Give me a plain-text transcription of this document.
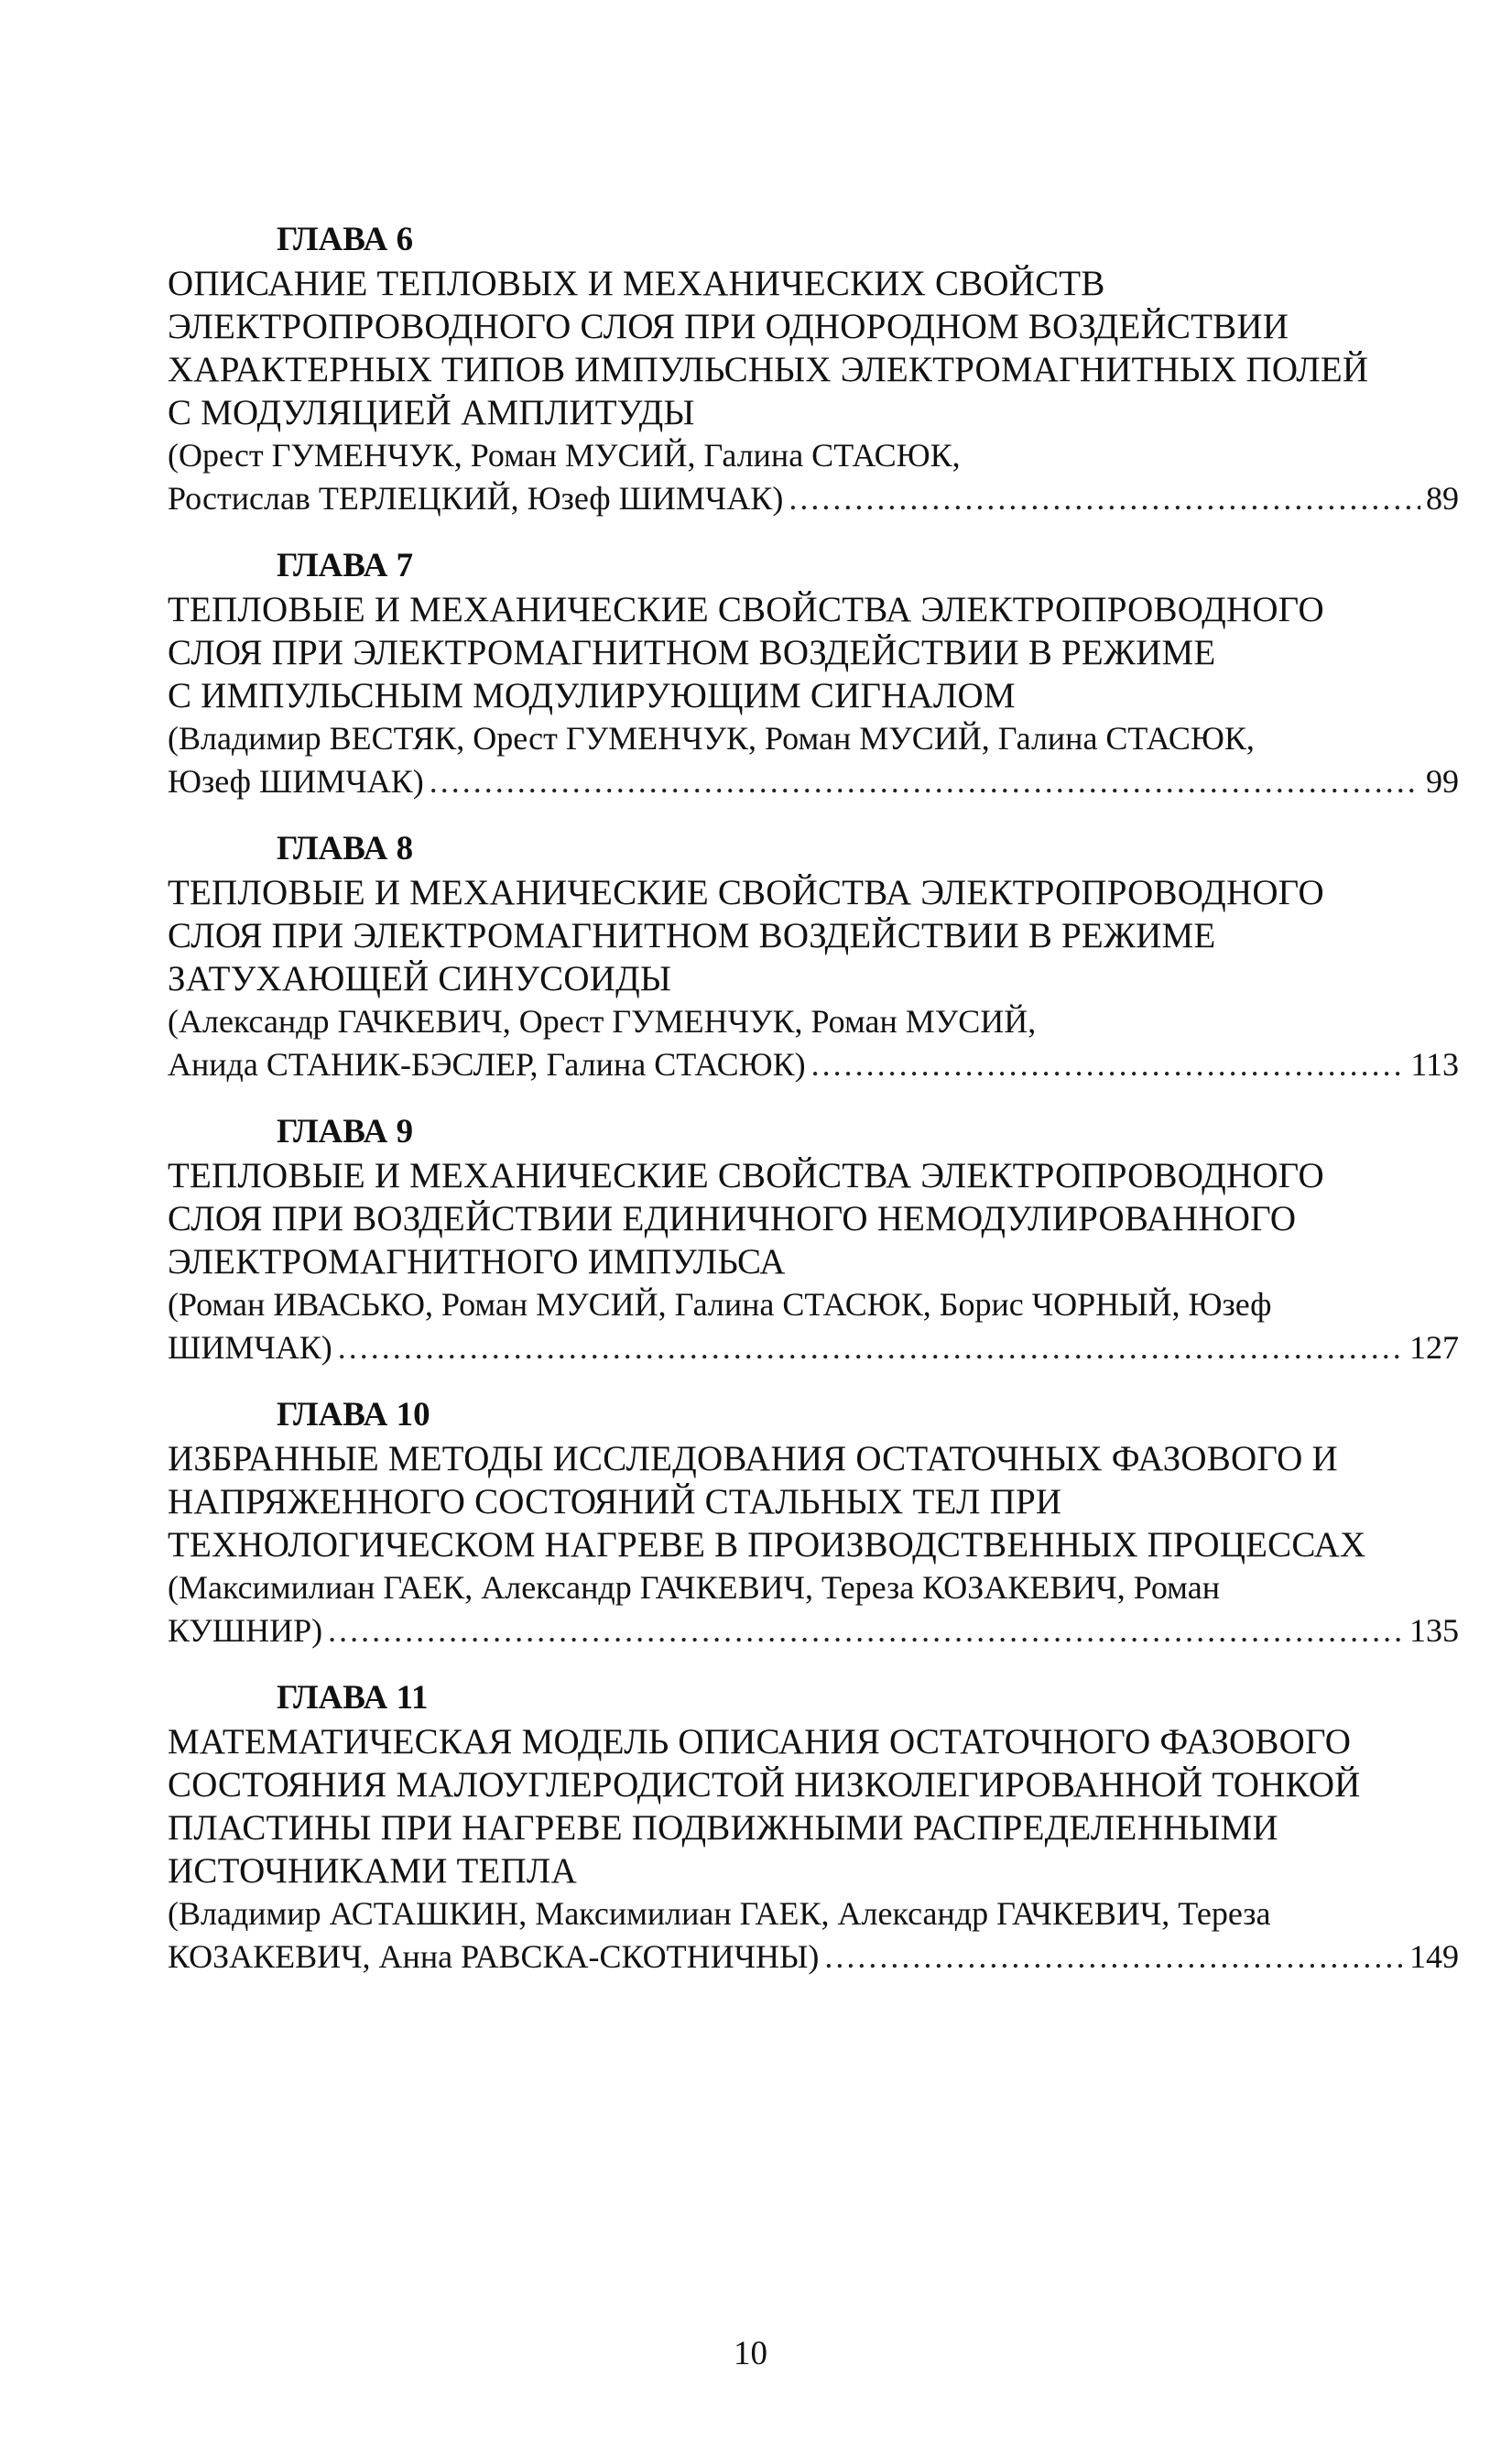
ГЛАВА 6
ОПИСАНИЕ ТЕПЛОВЫХ И МЕХАНИЧЕСКИХ СВОЙСТВ
ЭЛЕКТРОПРОВОДНОГО СЛОЯ ПРИ ОДНОРОДНОМ ВОЗДЕЙСТВИИ
ХАРАКТЕРНЫХ ТИПОВ ИМПУЛЬСНЫХ ЭЛЕКТРОМАГНИТНЫХ ПОЛЕЙ
С МОДУЛЯЦИЕЙ АМПЛИТУДЫ
(Орест ГУМЕНЧУК, Роман МУСИЙ, Галина СТАСЮК,
Ростислав ТЕРЛЕЦКИЙ, Юзеф ШИМЧАК) .....	89
ГЛАВА 7
ТЕПЛОВЫЕ И МЕХАНИЧЕСКИЕ СВОЙСТВА ЭЛЕКТРОПРОВОДНОГО
СЛОЯ ПРИ ЭЛЕКТРОМАГНИТНОМ ВОЗДЕЙСТВИИ В РЕЖИМЕ
С ИМПУЛЬСНЫМ МОДУЛИРУЮЩИМ СИГНАЛОМ
(Владимир ВЕСТЯК, Орест ГУМЕНЧУК, Роман МУСИЙ, Галина СТАСЮК,
Юзеф ШИМЧАК) .....	99
ГЛАВА 8
ТЕПЛОВЫЕ И МЕХАНИЧЕСКИЕ СВОЙСТВА ЭЛЕКТРОПРОВОДНОГО
СЛОЯ ПРИ ЭЛЕКТРОМАГНИТНОМ ВОЗДЕЙСТВИИ В РЕЖИМЕ
ЗАТУХАЮЩЕЙ СИНУСОИДЫ
(Александр ГАЧКЕВИЧ, Орест ГУМЕНЧУК, Роман МУСИЙ,
Анида СТАНИК-БЭСЛЕР, Галина СТАСЮК) .....	113
ГЛАВА 9
ТЕПЛОВЫЕ И МЕХАНИЧЕСКИЕ СВОЙСТВА ЭЛЕКТРОПРОВОДНОГО
СЛОЯ ПРИ ВОЗДЕЙСТВИИ ЕДИНИЧНОГО НЕМОДУЛИРОВАННОГО
ЭЛЕКТРОМАГНИТНОГО ИМПУЛЬСА
(Роман ИВАСЬКО, Роман МУСИЙ, Галина СТАСЮК, Борис ЧОРНЫЙ, Юзеф
ШИМЧАК) .....	127
ГЛАВА 10
ИЗБРАННЫЕ МЕТОДЫ ИССЛЕДОВАНИЯ ОСТАТОЧНЫХ ФАЗОВОГО И
НАПРЯЖЕННОГО СОСТОЯНИЙ СТАЛЬНЫХ ТЕЛ ПРИ
ТЕХНОЛОГИЧЕСКОМ НАГРЕВЕ В ПРОИЗВОДСТВЕННЫХ ПРОЦЕССАХ
(Максимилиан ГАЕК, Александр ГАЧКЕВИЧ, Тереза КОЗАКЕВИЧ, Роман
КУШНИР) .....	135
ГЛАВА 11
МАТЕМАТИЧЕСКАЯ МОДЕЛЬ ОПИСАНИЯ ОСТАТОЧНОГО ФАЗОВОГО
СОСТОЯНИЯ МАЛОУГЛЕРОДИСТОЙ НИЗКОЛЕГИРОВАННОЙ ТОНКОЙ
ПЛАСТИНЫ ПРИ НАГРЕВЕ ПОДВИЖНЫМИ РАСПРЕДЕЛЕННЫМИ
ИСТОЧНИКАМИ ТЕПЛА
(Владимир АСТАШКИН, Максимилиан ГАЕК, Александр ГАЧКЕВИЧ, Тереза
КОЗАКЕВИЧ, Анна РАВСКА-СКОТНИЧНЫ) .....	149
10
